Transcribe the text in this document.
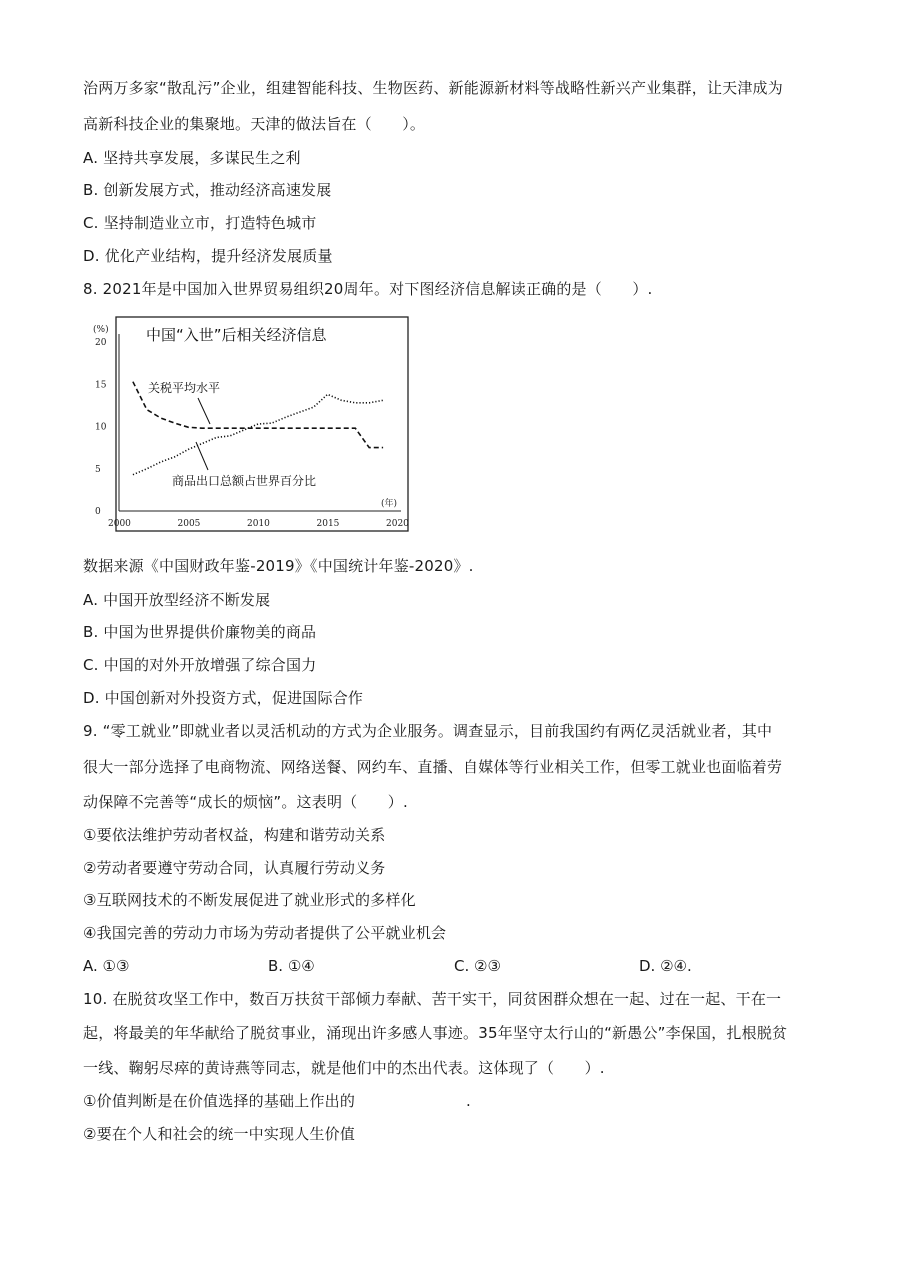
治两万多家“散乱污”企业，组建智能科技、生物医药、新能源新材料等战略性新兴产业集群，让天津成为
高新科技企业的集聚地。天津的做法旨在（　　）。
A. 坚持共享发展，多谋民生之利
B. 创新发展方式，推动经济高速发展
C. 坚持制造业立市，打造特色城市
D. 优化产业结构，提升经济发展质量
8. 2021年是中国加入世界贸易组织20周年。对下图经济信息解读正确的是（　　）.
中国“入世”后相关经济信息
(%)
(年)
0
5
10
15
20
2000	2005	2010	2015	2020
关税平均水平
商品出口总额占世界百分比
数据来源《中国财政年鉴-2019》《中国统计年鉴-2020》.
A. 中国开放型经济不断发展
B. 中国为世界提供价廉物美的商品
C. 中国的对外开放增强了综合国力
D. 中国创新对外投资方式，促进国际合作
9. “零工就业”即就业者以灵活机动的方式为企业服务。调查显示，目前我国约有两亿灵活就业者，其中
很大一部分选择了电商物流、网络送餐、网约车、直播、自媒体等行业相关工作，但零工就业也面临着劳
动保障不完善等“成长的烦恼”。这表明（　　）.
①要依法维护劳动者权益，构建和谐劳动关系
②劳动者要遵守劳动合同，认真履行劳动义务
③互联网技术的不断发展促进了就业形式的多样化
④我国完善的劳动力市场为劳动者提供了公平就业机会
A. ①③	B. ①④	C. ②③	D. ②④.
10. 在脱贫攻坚工作中，数百万扶贫干部倾力奉献、苦干实干，同贫困群众想在一起、过在一起、干在一
起，将最美的年华献给了脱贫事业，涌现出许多感人事迹。35年坚守太行山的“新愚公”李保国，扎根脱贫
一线、鞠躬尽瘁的黄诗燕等同志，就是他们中的杰出代表。这体现了（　　）.
①价值判断是在价值选择的基础上作出的	.
②要在个人和社会的统一中实现人生价值
